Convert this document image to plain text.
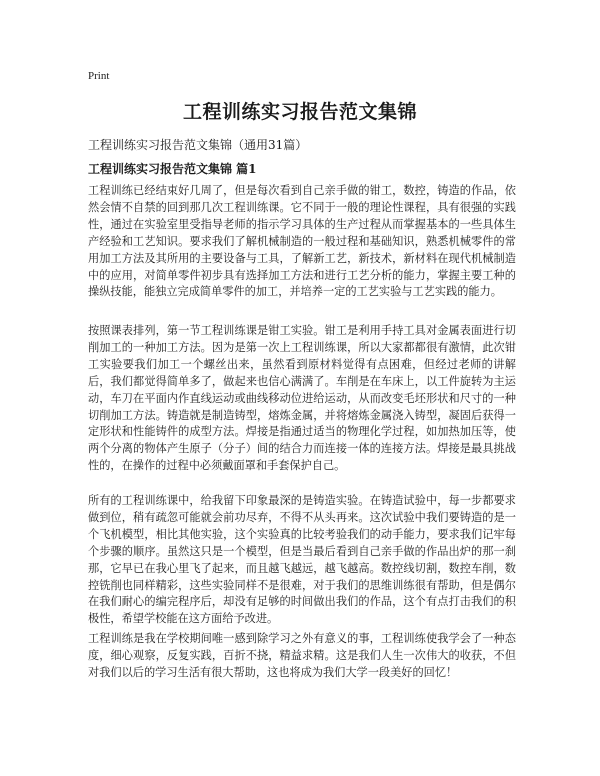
Print
工程训练实习报告范文集锦
工程训练实习报告范文集锦（通用31篇）
工程训练实习报告范文集锦 篇1

工程训练已经结束好几周了，但是每次看到自己亲手做的钳工，数控，铸造的作品，依然会情不自禁的回到那几次工程训练课。它不同于一般的理论性课程，具有很强的实践性，通过在实验室里受指导老师的指示学习具体的生产过程从而掌握基本的一些具体生产经验和工艺知识。要求我们了解机械制造的一般过程和基础知识，熟悉机械零件的常用加工方法及其所用的主要设备与工具，了解新工艺，新技术，新材料在现代机械制造中的应用，对简单零件初步具有选择加工方法和进行工艺分析的能力，掌握主要工种的操纵技能，能独立完成简单零件的加工，并培养一定的工艺实验与工艺实践的能力。

按照课表排列，第一节工程训练课是钳工实验。钳工是利用手持工具对金属表面进行切削加工的一种加工方法。因为是第一次上工程训练课，所以大家都都很有激情，此次钳工实验要我们加工一个螺丝出来，虽然看到原材料觉得有点困难，但经过老师的讲解后，我们都觉得简单多了，做起来也信心满满了。车削是在车床上，以工件旋转为主运动，车刀在平面内作直线运动或曲线移动位进给运动，从而改变毛坯形状和尺寸的一种切削加工方法。铸造就是制造铸型，熔炼金属，并将熔炼金属浇入铸型，凝固后获得一定形状和性能铸件的成型方法。焊接是指通过适当的物理化学过程，如加热加压等，使两个分离的物体产生原子（分子）间的结合力而连接一体的连接方法。焊接是最具挑战性的，在操作的过程中必须戴面罩和手套保护自己。

所有的工程训练课中，给我留下印象最深的是铸造实验。在铸造试验中，每一步都要求做到位，稍有疏忽可能就会前功尽弃，不得不从头再来。这次试验中我们要铸造的是一个飞机模型，相比其他实验，这个实验真的比较考验我们的动手能力，要求我们记牢每个步骤的顺序。虽然这只是一个模型，但是当最后看到自己亲手做的作品出炉的那一刹那，它早已在我心里飞了起来，而且越飞越远，越飞越高。数控线切割，数控车削，数控铣削也同样精彩，这些实验同样不是很难，对于我们的思维训练很有帮助，但是偶尔在我们耐心的编完程序后，却没有足够的时间做出我们的作品，这个有点打击我们的积极性，希望学校能在这方面给予改进。

工程训练是我在学校期间唯一感到除学习之外有意义的事，工程训练使我学会了一种态度，细心观察，反复实践，百折不挠，精益求精。这是我们人生一次伟大的收获，不但对我们以后的学习生活有很大帮助，这也将成为我们大学一段美好的回忆！
